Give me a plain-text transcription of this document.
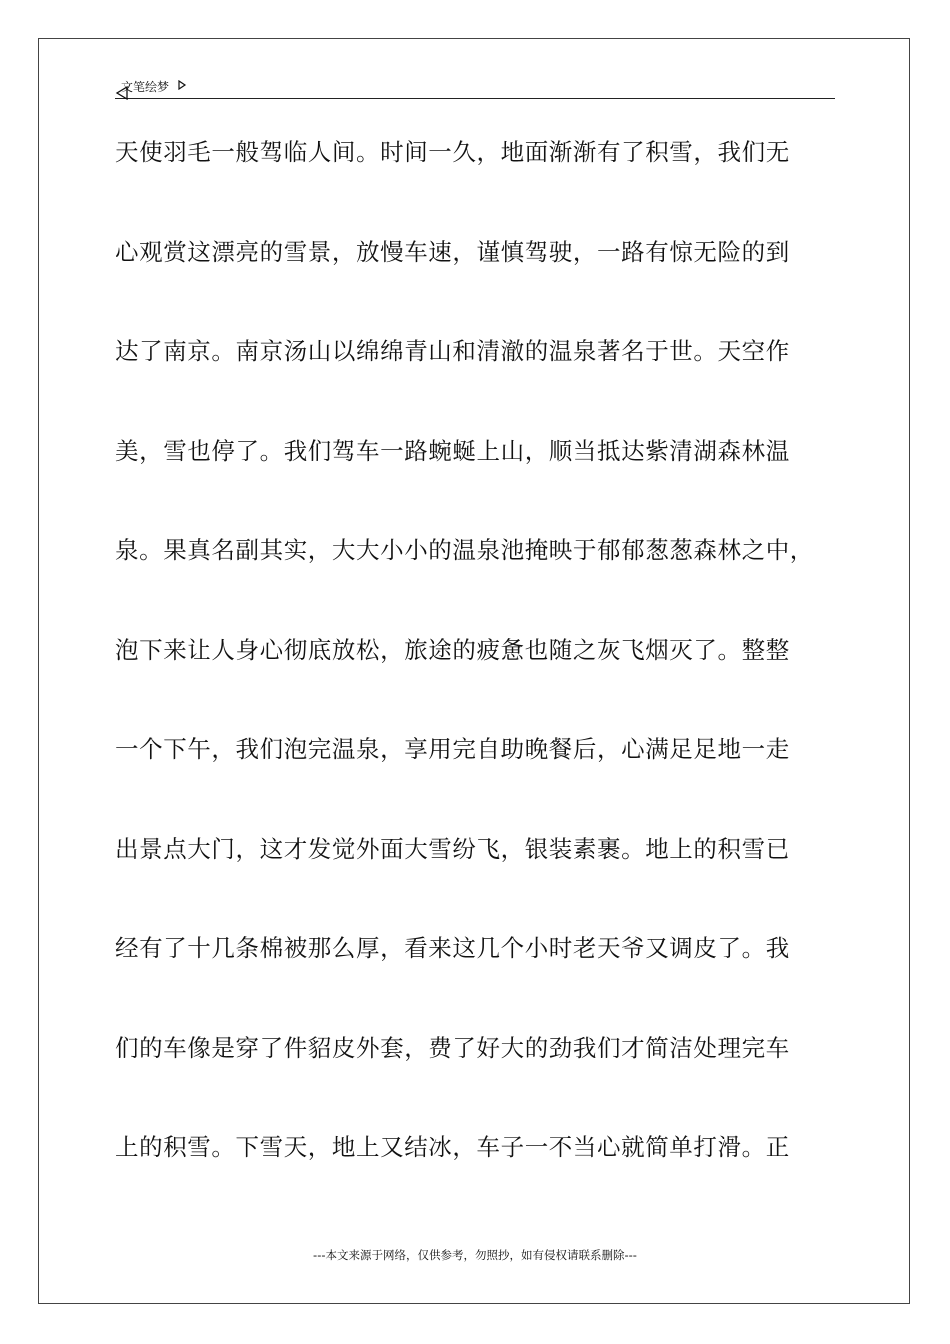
文笔绘梦
天使羽毛一般驾临人间。时间一久，地面渐渐有了积雪，我们无
心观赏这漂亮的雪景，放慢车速，谨慎驾驶，一路有惊无险的到
达了南京。南京汤山以绵绵青山和清澈的温泉著名于世。天空作
美，雪也停了。我们驾车一路蜿蜒上山，顺当抵达紫清湖森林温
泉。果真名副其实，大大小小的温泉池掩映于郁郁葱葱森林之中，
泡下来让人身心彻底放松，旅途的疲惫也随之灰飞烟灭了。整整
一个下午，我们泡完温泉，享用完自助晚餐后，心满足足地一走
出景点大门，这才发觉外面大雪纷飞，银装素裹。地上的积雪已
经有了十几条棉被那么厚，看来这几个小时老天爷又调皮了。我
们的车像是穿了件貂皮外套，费了好大的劲我们才简洁处理完车
上的积雪。下雪天，地上又结冰，车子一不当心就简单打滑。正
---本文来源于网络，仅供参考，勿照抄，如有侵权请联系删除---
